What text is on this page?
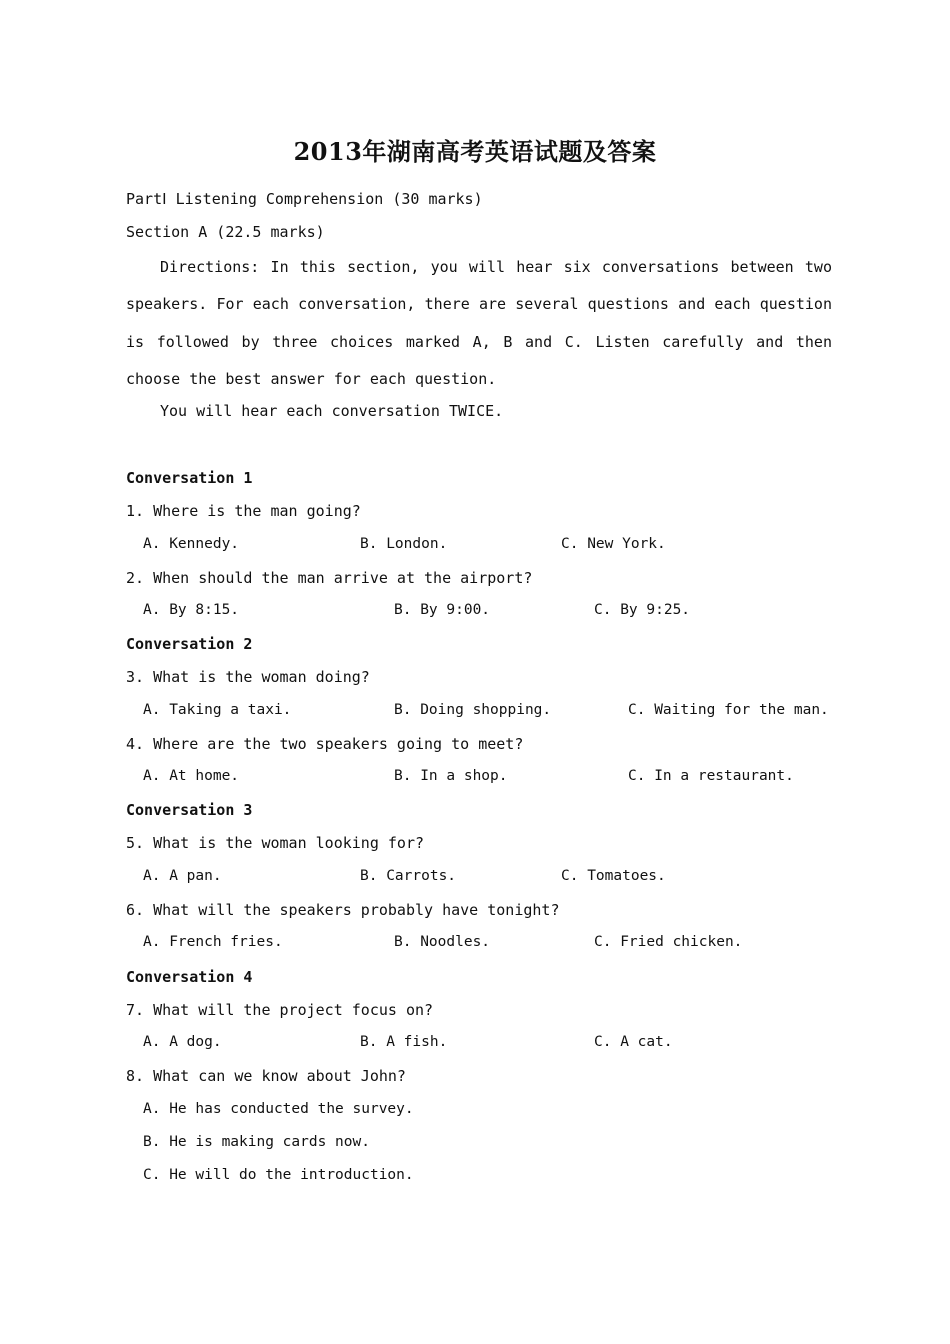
2013年湖南高考英语试题及答案
PartⅠ Listening Comprehension (30 marks)
Section A (22.5 marks)
Directions: In this section, you will hear six conversations between two speakers. For each conversation, there are several questions and each question is followed by three choices marked A, B and C. Listen carefully and then choose the best answer for each question.
You will hear each conversation TWICE.
Conversation 1
1. Where is the man going?
A. Kennedy.	B. London.	C. New York.
2. When should the man arrive at the airport?
A. By 8:15.	B. By 9:00.	C. By 9:25.
Conversation 2
3. What is the woman doing?
A. Taking a taxi.	B. Doing shopping.	C. Waiting for the man.
4. Where are the two speakers going to meet?
A. At home.	B. In a shop.	C. In a restaurant.
Conversation 3
5. What is the woman looking for?
A. A pan.	B. Carrots.	C. Tomatoes.
6. What will the speakers probably have tonight?
A. French fries.	B. Noodles.	C. Fried chicken.
Conversation 4
7. What will the project focus on?
A. A dog.	B. A fish.	C. A cat.
8. What can we know about John?
A. He has conducted the survey.
B. He is making cards now.
C. He will do the introduction.
